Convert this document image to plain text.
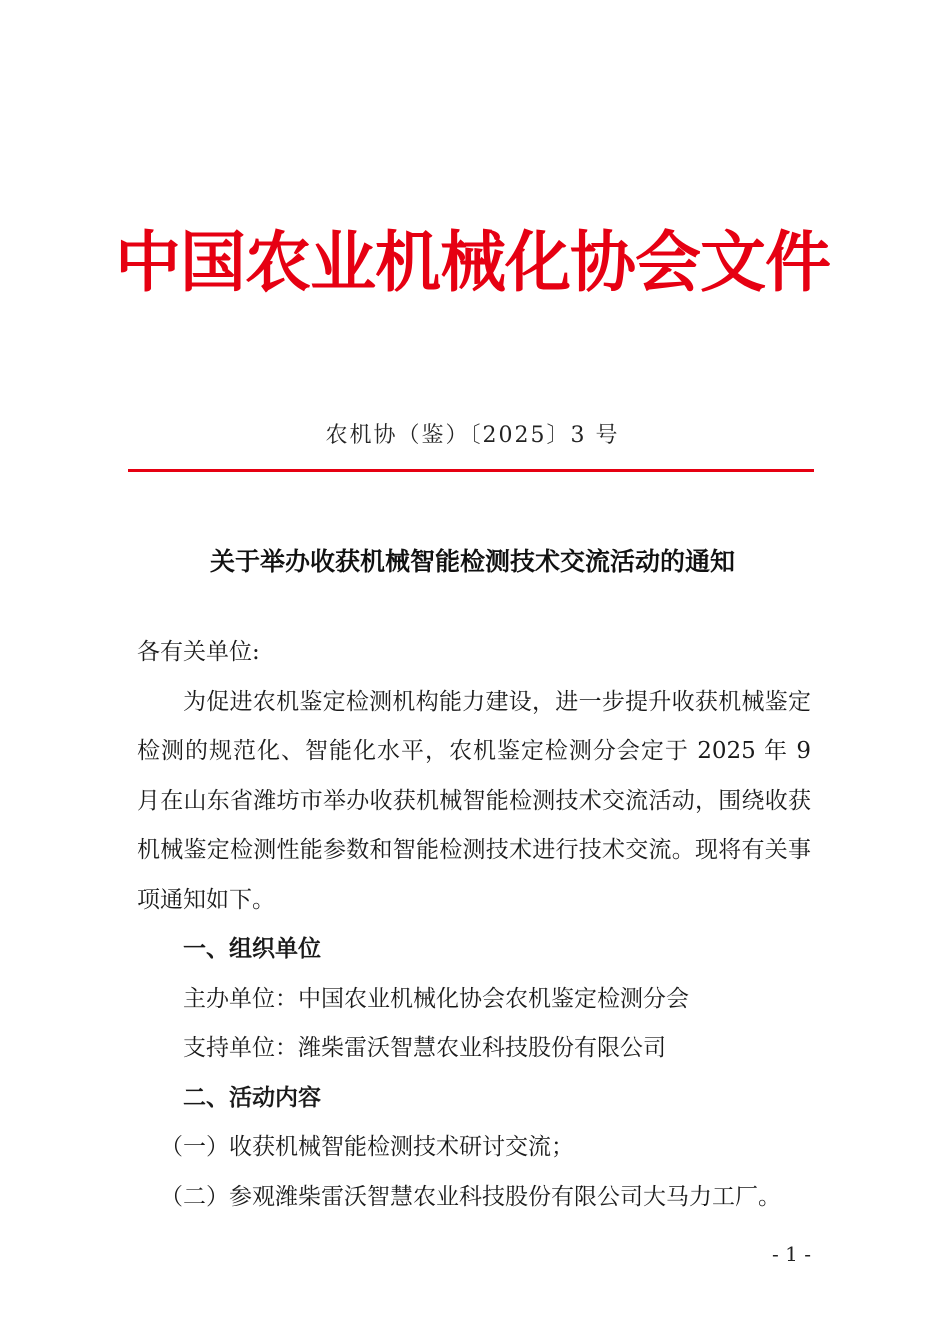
中国农业机械化协会文件
农机协（鉴）〔2025〕3 号
关于举办收获机械智能检测技术交流活动的通知

各有关单位:

为促进农机鉴定检测机构能力建设，进一步提升收获机械鉴定检测的规范化、智能化水平，农机鉴定检测分会定于 2025 年 9 月在山东省潍坊市举办收获机械智能检测技术交流活动，围绕收获机械鉴定检测性能参数和智能检测技术进行技术交流。现将有关事项通知如下。

一、组织单位

主办单位：中国农业机械化协会农机鉴定检测分会

支持单位：潍柴雷沃智慧农业科技股份有限公司

二、活动内容

（一）收获机械智能检测技术研讨交流；

（二）参观潍柴雷沃智慧农业科技股份有限公司大马力工厂。

- 1 -
